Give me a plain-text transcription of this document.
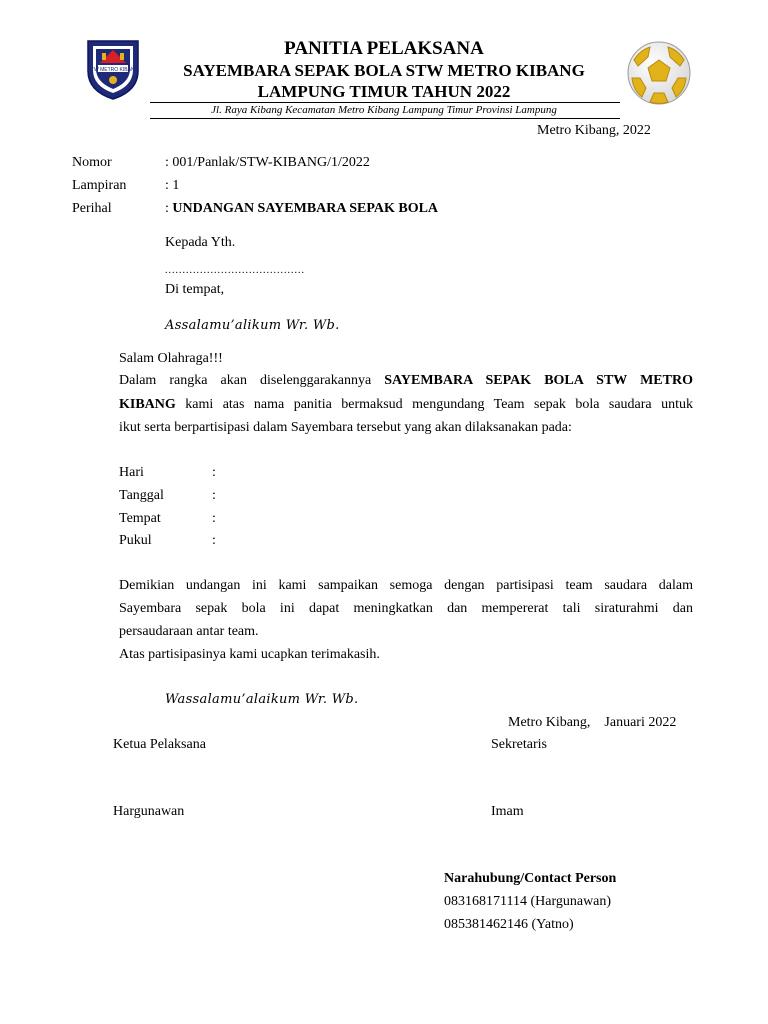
STW METRO KIBANG
PANITIA PELAKSANA
SAYEMBARA SEPAK BOLA STW METRO KIBANG
LAMPUNG TIMUR TAHUN 2022
Jl. Raya Kibang Kecamatan Metro Kibang Lampung Timur Provinsi Lampung
Metro Kibang, 2022
Nomor	: 001/Panlak/STW-KIBANG/1/2022
Lampiran	: 1
Perihal	: UNDANGAN SAYEMBARA SEPAK BOLA
Kepada Yth.
........................................
Di tempat,
Assalamu’alikum Wr. Wb.
Salam Olahraga!!!
Dalam rangka akan diselenggarakannya SAYEMBARA SEPAK BOLA STW METRO
KIBANG kami atas nama panitia bermaksud mengundang Team sepak bola saudara untuk
ikut serta berpartisipasi dalam Sayembara tersebut yang akan dilaksanakan pada:
Hari	:
Tanggal	:
Tempat	:
Pukul	:
Demikian undangan ini kami sampaikan semoga dengan partisipasi team saudara dalam
Sayembara sepak bola ini dapat meningkatkan dan mempererat tali siraturahmi dan
persaudaraan antar team.
Atas partisipasinya kami ucapkan terimakasih.
Wassalamu’alaikum Wr. Wb.
Metro Kibang,    Januari 2022
Ketua Pelaksana	Sekretaris
Hargunawan	Imam
Narahubung/Contact Person
083168171114 (Hargunawan)
085381462146 (Yatno)
